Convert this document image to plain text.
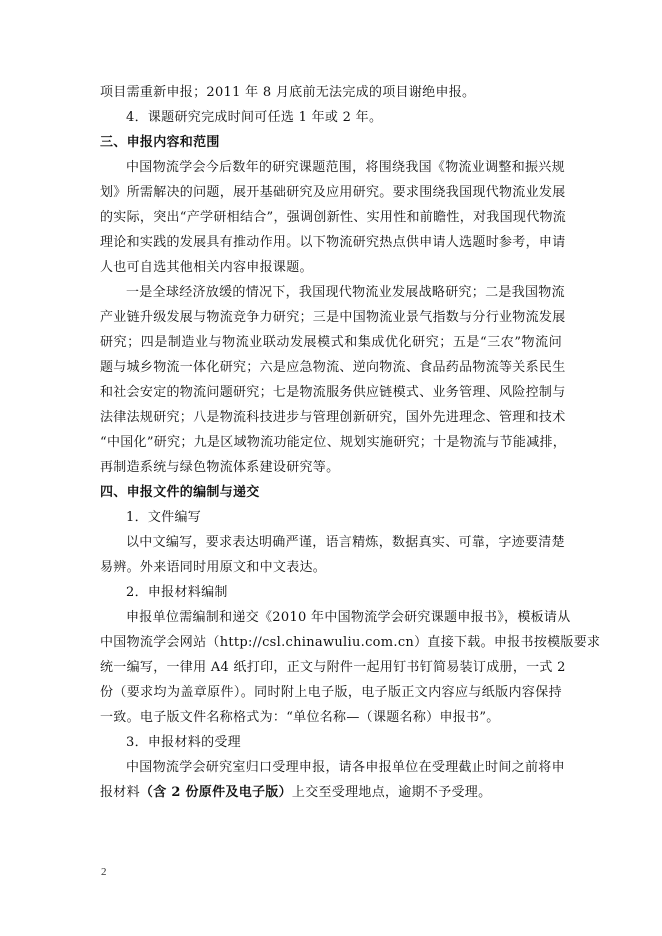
项目需重新申报；2011 年 8 月底前无法完成的项目谢绝申报。
4．课题研究完成时间可任选 1 年或 2 年。
三、申报内容和范围
中国物流学会今后数年的研究课题范围，将围绕我国《物流业调整和振兴规
划》所需解决的问题，展开基础研究及应用研究。要求围绕我国现代物流业发展
的实际，突出“产学研相结合”，强调创新性、实用性和前瞻性，对我国现代物流
理论和实践的发展具有推动作用。以下物流研究热点供申请人选题时参考，申请
人也可自选其他相关内容申报课题。
一是全球经济放缓的情况下，我国现代物流业发展战略研究；二是我国物流
产业链升级发展与物流竞争力研究；三是中国物流业景气指数与分行业物流发展
研究；四是制造业与物流业联动发展模式和集成优化研究；五是“三农”物流问
题与城乡物流一体化研究；六是应急物流、逆向物流、食品药品物流等关系民生
和社会安定的物流问题研究；七是物流服务供应链模式、业务管理、风险控制与
法律法规研究；八是物流科技进步与管理创新研究，国外先进理念、管理和技术
“中国化”研究；九是区域物流功能定位、规划实施研究；十是物流与节能减排，
再制造系统与绿色物流体系建设研究等。
四、申报文件的编制与递交
1．文件编写
以中文编写，要求表达明确严谨，语言精炼，数据真实、可靠，字迹要清楚
易辨。外来语同时用原文和中文表达。
2．申报材料编制
申报单位需编制和递交《2010 年中国物流学会研究课题申报书》，模板请从
中国物流学会网站（http://csl.chinawuliu.com.cn）直接下载。申报书按模版要求
统一编写，一律用 A4 纸打印，正文与附件一起用钉书钉简易装订成册，一式 2
份（要求均为盖章原件）。同时附上电子版，电子版正文内容应与纸版内容保持
一致。电子版文件名称格式为：“单位名称—（课题名称）申报书”。
3．申报材料的受理
中国物流学会研究室归口受理申报，请各申报单位在受理截止时间之前将申
报材料（含 2 份原件及电子版）上交至受理地点，逾期不予受理。
2
